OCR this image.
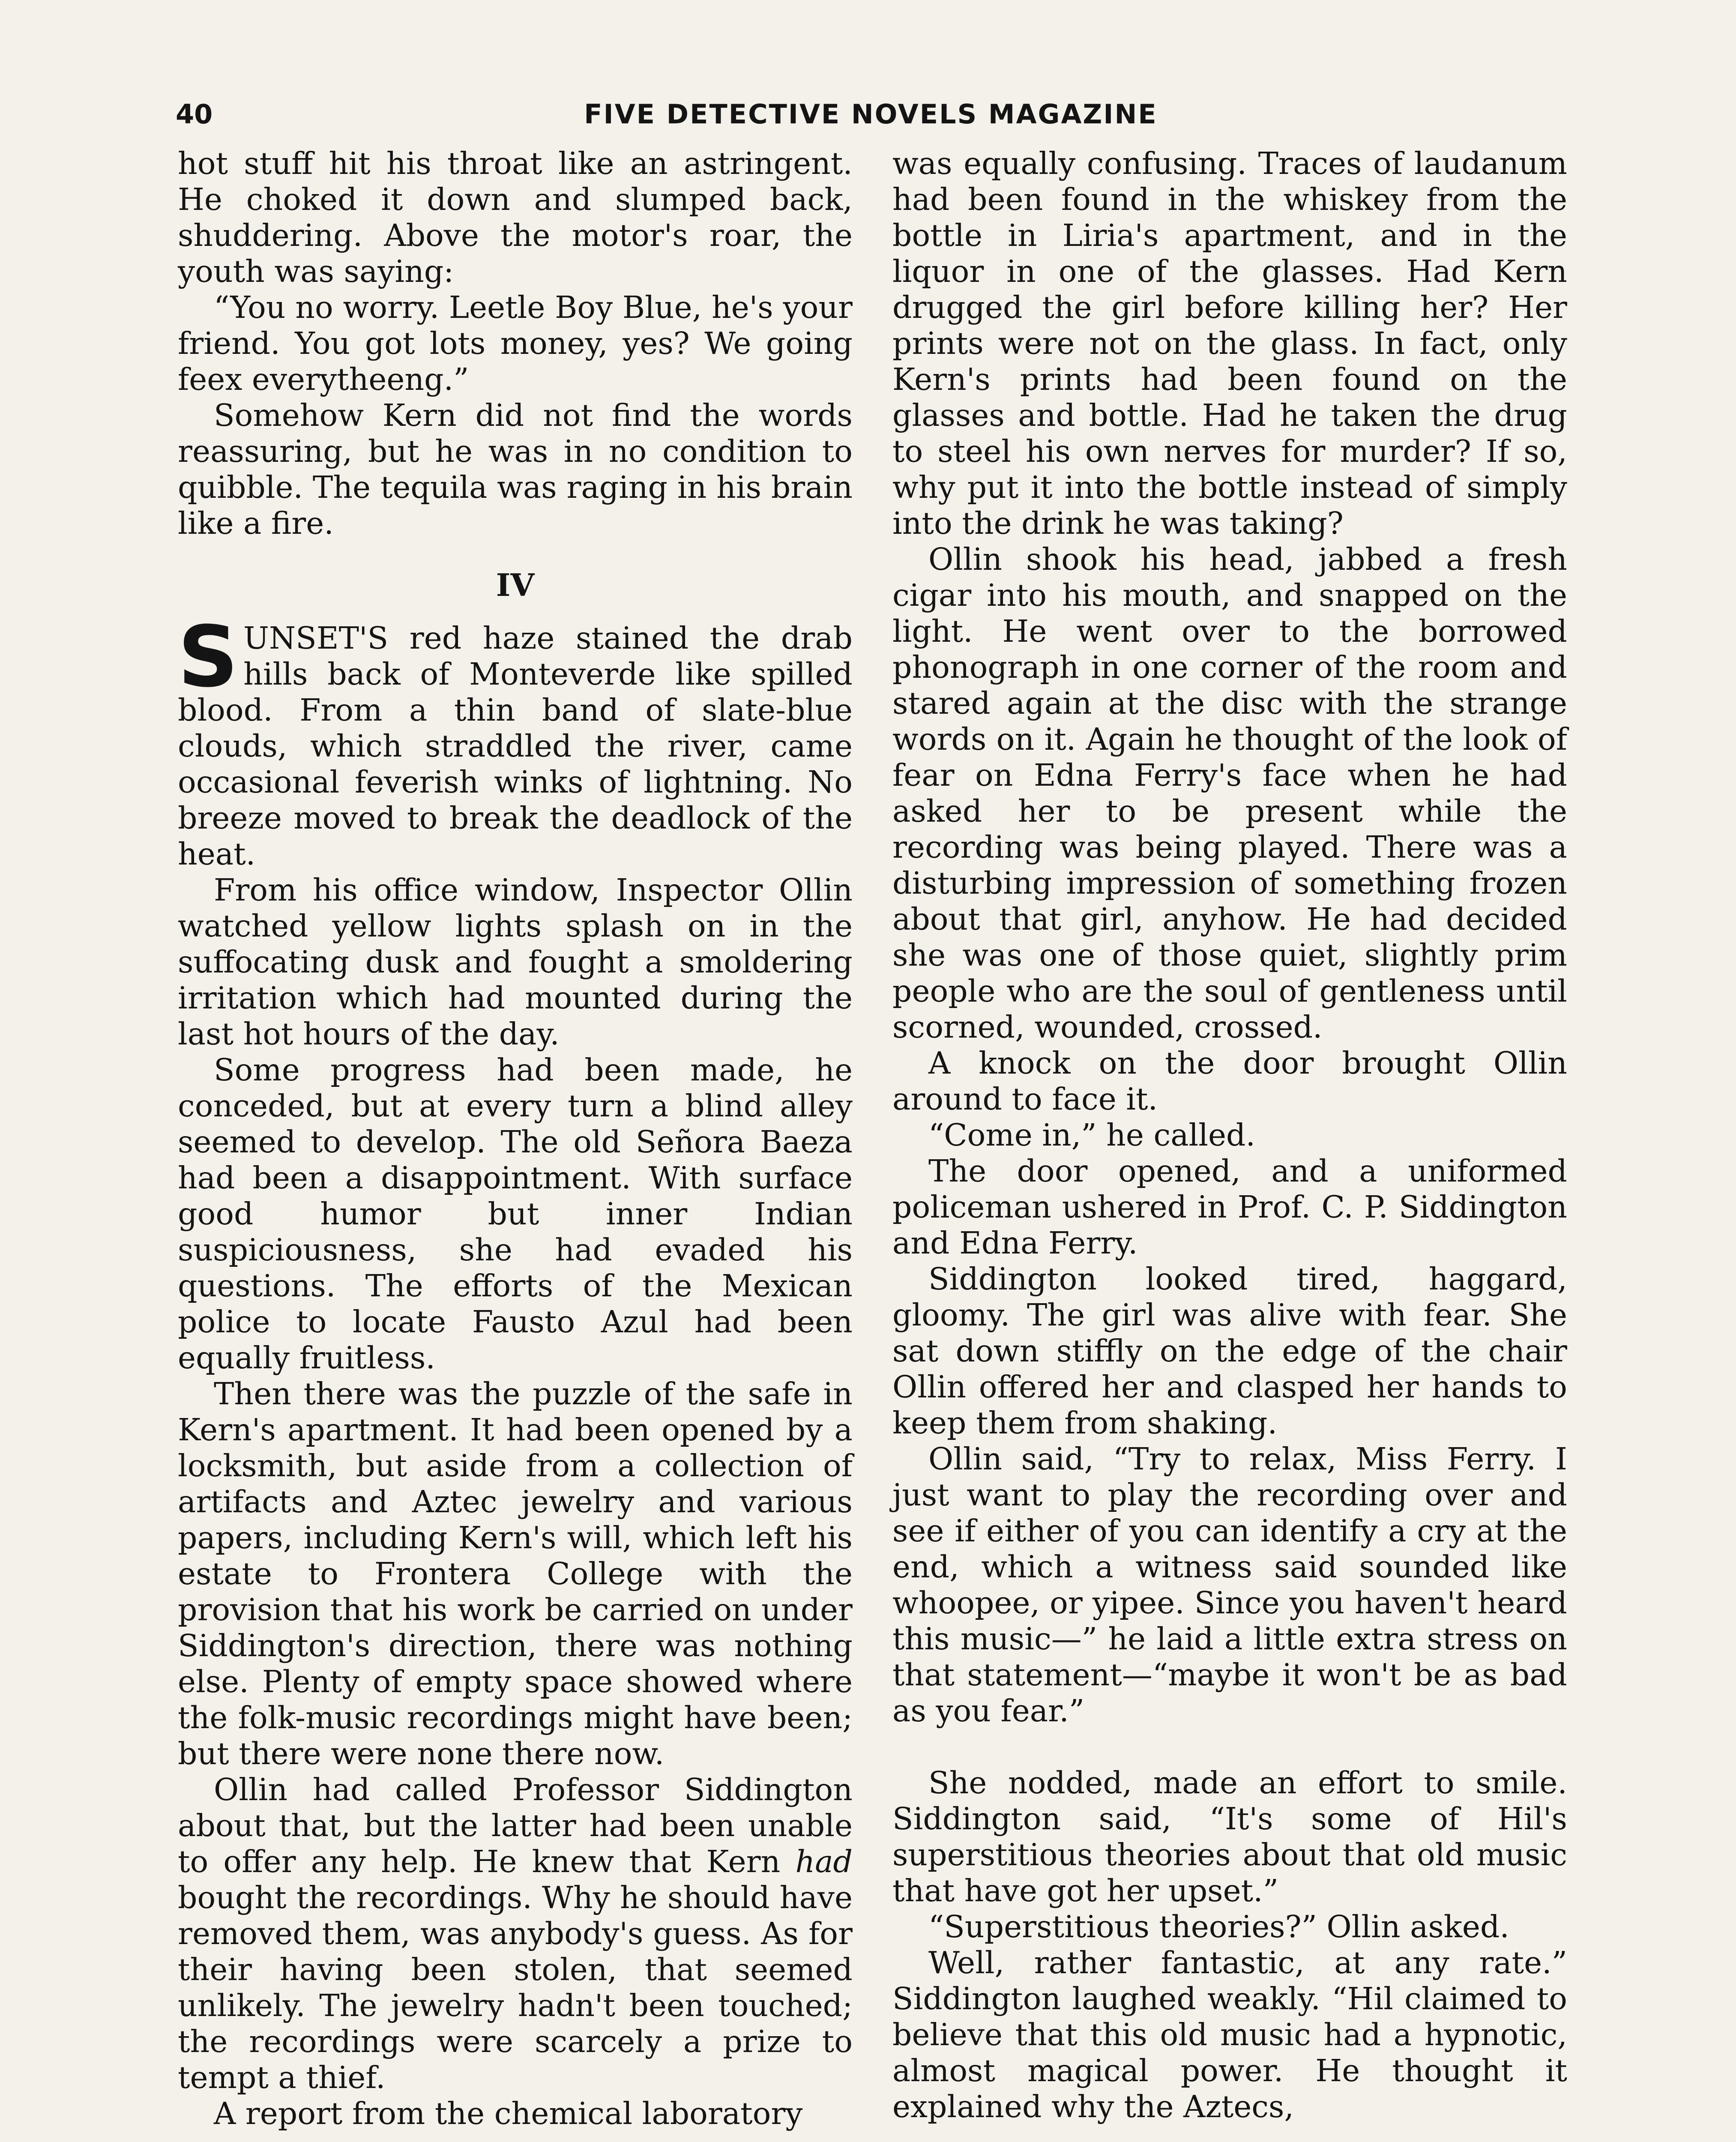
40	FIVE DETECTIVE NOVELS MAGAZINE

hot stuff hit his throat like an astringent. He choked it down and slumped back, shuddering. Above the motor's roar, the youth was saying:

“You no worry. Leetle Boy Blue, he's your friend. You got lots money, yes? We going feex everytheeng.”

Somehow Kern did not find the words reassuring, but he was in no condition to quibble. The tequila was raging in his brain like a fire.

IV

SUNSET'S red haze stained the drab hills back of Monteverde like spilled blood. From a thin band of slate-blue clouds, which straddled the river, came occasional feverish winks of lightning. No breeze moved to break the deadlock of the heat.

From his office window, Inspector Ollin watched yellow lights splash on in the suffocating dusk and fought a smoldering irritation which had mounted during the last hot hours of the day.

Some progress had been made, he conceded, but at every turn a blind alley seemed to develop. The old Señora Baeza had been a disappointment. With surface good humor but inner Indian suspiciousness, she had evaded his questions. The efforts of the Mexican police to locate Fausto Azul had been equally fruitless.

Then there was the puzzle of the safe in Kern's apartment. It had been opened by a locksmith, but aside from a collection of artifacts and Aztec jewelry and various papers, including Kern's will, which left his estate to Frontera College with the provision that his work be carried on under Siddington's direction, there was nothing else. Plenty of empty space showed where the folk-music recordings might have been; but there were none there now.

Ollin had called Professor Siddington about that, but the latter had been unable to offer any help. He knew that Kern had bought the recordings. Why he should have removed them, was anybody's guess. As for their having been stolen, that seemed unlikely. The jewelry hadn't been touched; the recordings were scarcely a prize to tempt a thief.

A report from the chemical laboratory

was equally confusing. Traces of laudanum had been found in the whiskey from the bottle in Liria's apartment, and in the liquor in one of the glasses. Had Kern drugged the girl before killing her? Her prints were not on the glass. In fact, only Kern's prints had been found on the glasses and bottle. Had he taken the drug to steel his own nerves for murder? If so, why put it into the bottle instead of simply into the drink he was taking?

Ollin shook his head, jabbed a fresh cigar into his mouth, and snapped on the light. He went over to the borrowed phonograph in one corner of the room and stared again at the disc with the strange words on it. Again he thought of the look of fear on Edna Ferry's face when he had asked her to be present while the recording was being played. There was a disturbing impression of something frozen about that girl, anyhow. He had decided she was one of those quiet, slightly prim people who are the soul of gentleness until scorned, wounded, crossed.

A knock on the door brought Ollin around to face it.

“Come in,” he called.

The door opened, and a uniformed policeman ushered in Prof. C. P. Siddington and Edna Ferry.

Siddington looked tired, haggard, gloomy. The girl was alive with fear. She sat down stiffly on the edge of the chair Ollin offered her and clasped her hands to keep them from shaking.

Ollin said, “Try to relax, Miss Ferry. I just want to play the recording over and see if either of you can identify a cry at the end, which a witness said sounded like whoopee, or yipee. Since you haven't heard this music—” he laid a little extra stress on that statement—“maybe it won't be as bad as you fear.”

She nodded, made an effort to smile. Siddington said, “It's some of Hil's superstitious theories about that old music that have got her upset.”

“Superstitious theories?” Ollin asked.

Well, rather fantastic, at any rate.” Siddington laughed weakly. “Hil claimed to believe that this old music had a hypnotic, almost magical power. He thought it explained why the Aztecs,
